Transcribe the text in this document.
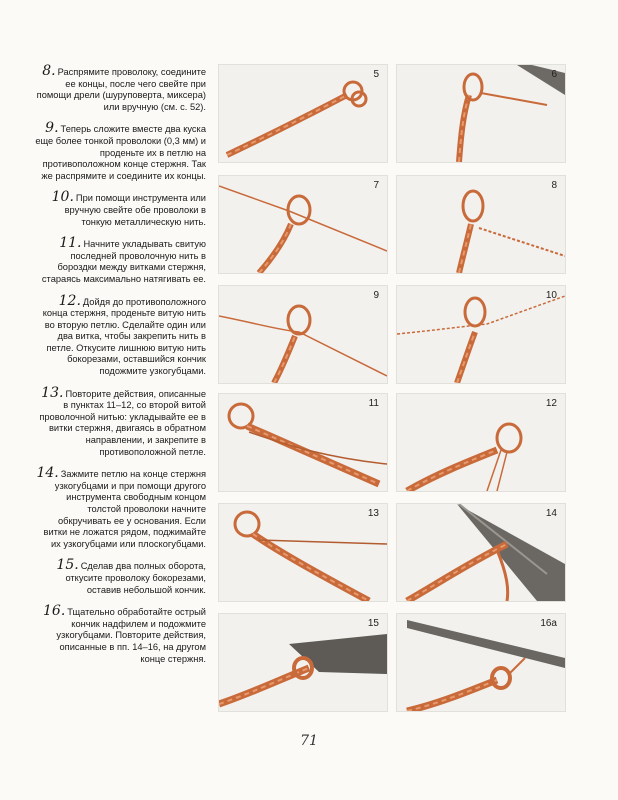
8. Распрямите проволоку, соедините ее концы, после чего свейте при помощи дрели (шуруповерта, миксера) или вручную (см. с. 52).
9. Теперь сложите вместе два куска еще более тонкой проволоки (0,3 мм) и проденьте их в петлю на противоположном конце стержня. Так же распрямите и соедините их концы.
10. При помощи инструмента или вручную свейте обе проволоки в тонкую металлическую нить.
11. Начните укладывать свитую последней проволочную нить в бороздки между витками стержня, стараясь максимально натягивать ее.
12. Дойдя до противоположного конца стержня, проденьте витую нить во вторую петлю. Сделайте один или два витка, чтобы закрепить нить в петле. Откусите лишнюю витую нить бокорезами, оставшийся кончик подожмите узкогубцами.
13. Повторите действия, описанные в пунктах 11–12, со второй витой проволочной нитью: укладывайте ее в витки стержня, двигаясь в обратном направлении, и закрепите в противоположной петле.
14. Зажмите петлю на конце стержня узкогубцами и при помощи другого инструмента свободным концом толстой проволоки начните обкручивать ее у основания. Если витки не ложатся рядом, поджимайте их узкогубцами или плоскогубцами.
15. Сделав два полных оборота, откусите проволоку бокорезами, оставив небольшой кончик.
16. Тщательно обработайте острый кончик надфилем и подожмите узкогубцами. Повторите действия, описанные в пп. 14–16, на другом конце стержня.
5	6
7	8
9	10
11	12
13	14
15	16а
71
